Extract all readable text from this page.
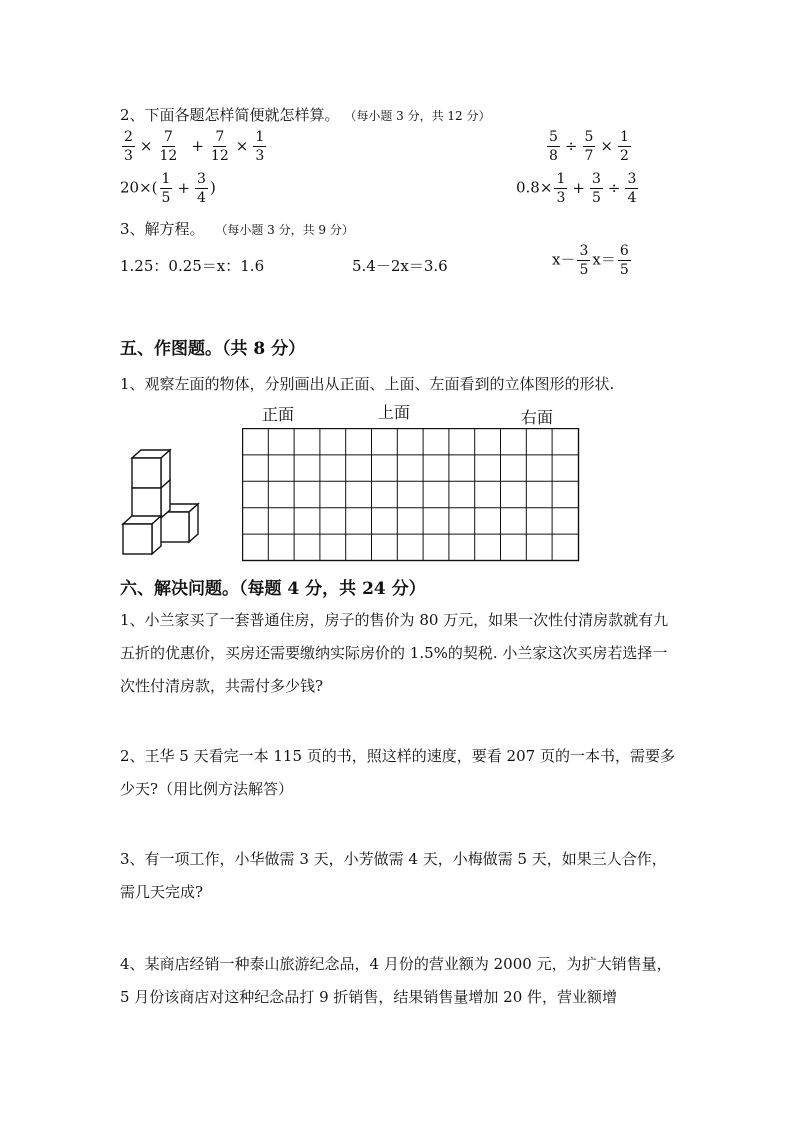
2、下面各题怎样简便就怎样算。 （每小题 3 分，共 12 分）
$\frac{2}{3} \times \frac{7}{12} + \frac{7}{12} \times \frac{1}{3}$	$\frac{5}{8} \div \frac{5}{7} \times \frac{1}{2}$
$20\times( \frac{1}{5} + \frac{3}{4}$ )	$0.8\times \frac{1}{3} + \frac{3}{5} \div \frac{3}{4}$
3、解方程。 （每小题 3 分，共 9 分）
1.25：0.25＝x：1.6	5.4－2x＝3.6	$x- \frac{3}{5} x= \frac{6}{5}$
五、作图题。（共 8 分）
1、观察左面的物体，分别画出从正面、上面、左面看到的立体图形的形状.
正面	上面	右面
六、解决问题。（每题 4 分，共 24 分）
1、小兰家买了一套普通住房，房子的售价为 80 万元，如果一次性付清房款就有九五折的优惠价，买房还需要缴纳实际房价的 1.5%的契税. 小兰家这次买房若选择一次性付清房款，共需付多少钱?
2、王华 5 天看完一本 115 页的书，照这样的速度，要看 207 页的一本书，需要多少天?（用比例方法解答）
3、有一项工作，小华做需 3 天，小芳做需 4 天，小梅做需 5 天，如果三人合作，需几天完成?
4、某商店经销一种泰山旅游纪念品，4 月份的营业额为 2000 元，为扩大销售量，5 月份该商店对这种纪念品打 9 折销售，结果销售量增加 20 件，营业额增
